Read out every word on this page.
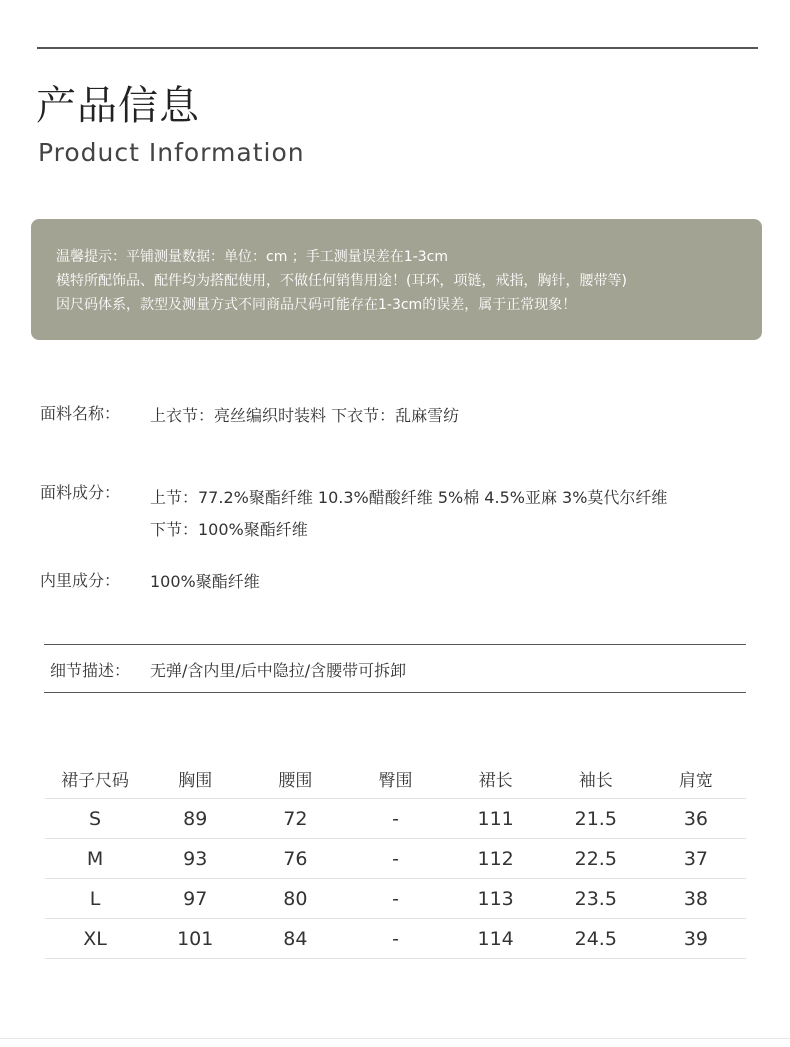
产品信息
Product Information
温馨提示：平铺测量数据：单位：cm ；手工测量误差在1-3cm
模特所配饰品、配件均为搭配使用，不做任何销售用途！(耳环，项链，戒指，胸针，腰带等)
因尺码体系，款型及测量方式不同商品尺码可能存在1-3cm的误差，属于正常现象！
面料名称： 上衣节：亮丝编织时装料 下衣节：乱麻雪纺
面料成分： 上节：77.2%聚酯纤维 10.3%醋酸纤维 5%棉 4.5%亚麻 3%莫代尔纤维
下节：100%聚酯纤维
内里成分： 100%聚酯纤维
细节描述： 无弹/含内里/后中隐拉/含腰带可拆卸
裙子尺码	胸围	腰围	臀围	裙长	袖长	肩宽
S	89	72	-	111	21.5	36
M	93	76	-	112	22.5	37
L	97	80	-	113	23.5	38
XL	101	84	-	114	24.5	39
